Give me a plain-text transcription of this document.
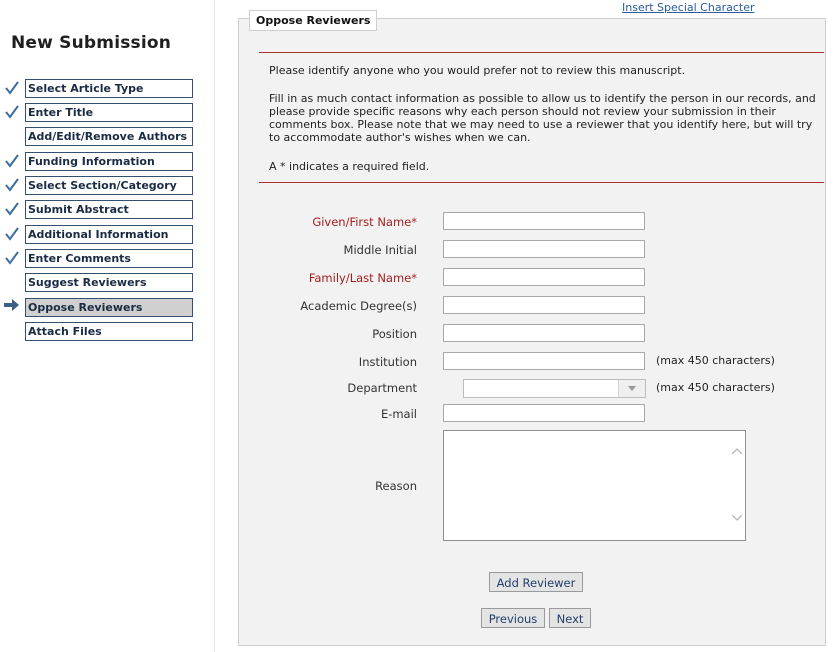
New Submission
Select Article Type
Enter Title
Add/Edit/Remove Authors
Funding Information
Select Section/Category
Submit Abstract
Additional Information
Enter Comments
Suggest Reviewers
Oppose Reviewers
Attach Files
Oppose Reviewers
Insert Special Character

Please identify anyone who you would prefer not to review this manuscript.

Fill in as much contact information as possible to allow us to identify the person in our records, and please provide specific reasons why each person should not review your submission in their comments box. Please note that we may need to use a reviewer that you identify here, but will try to accommodate author's wishes when we can.

A * indicates a required field.

Given/First Name*
Middle Initial
Family/Last Name*
Academic Degree(s)
Position
Institution	(max 450 characters)
Department	(max 450 characters)
E-mail
Reason
Add Reviewer
Previous	Next
